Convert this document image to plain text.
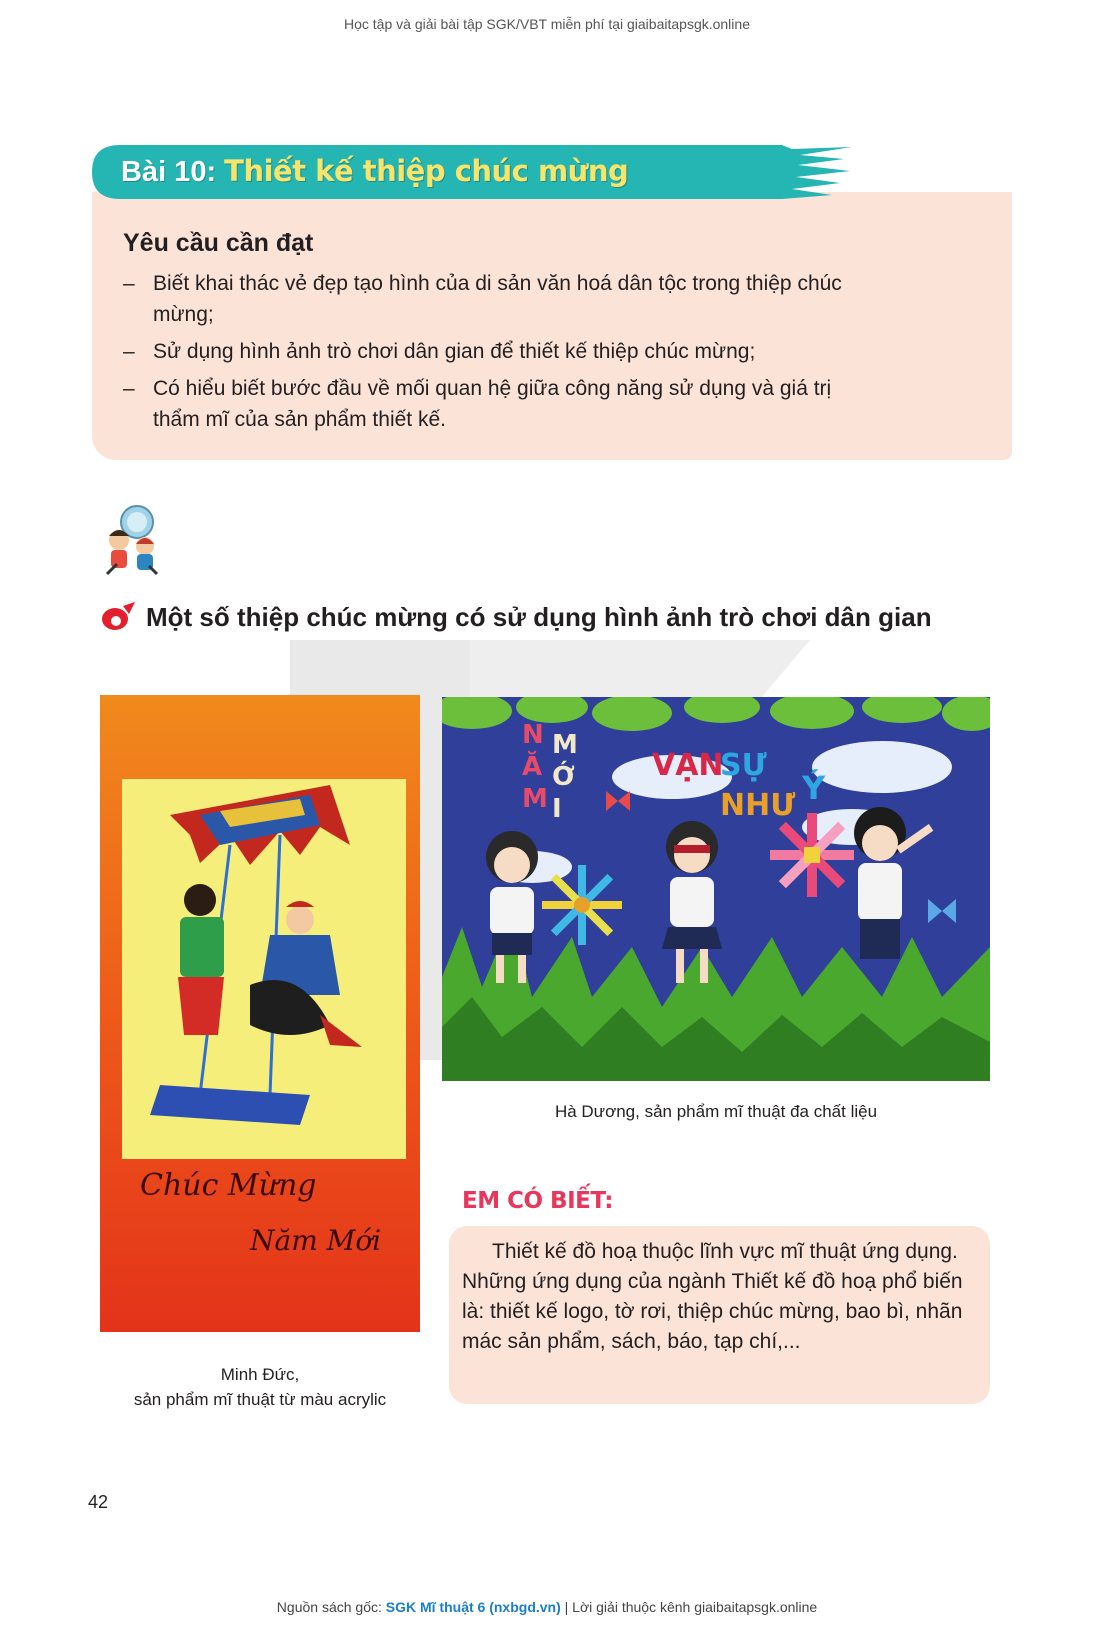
Học tập và giải bài tập SGK/VBT miễn phí tại giaibaitapsgk.online
Bài 10: Thiết kế thiệp chúc mừng
Yêu cầu cần đạt
– Biết khai thác vẻ đẹp tạo hình của di sản văn hoá dân tộc trong thiệp chúc mừng;
– Sử dụng hình ảnh trò chơi dân gian để thiết kế thiệp chúc mừng;
– Có hiểu biết bước đầu về mối quan hệ giữa công năng sử dụng và giá trị thẩm mĩ của sản phẩm thiết kế.
Một số thiệp chúc mừng có sử dụng hình ảnh trò chơi dân gian
Chúc Mừng
Năm Mới
Minh Đức,
sản phẩm mĩ thuật từ màu acrylic
N
Ă
M
M
Ớ
I
VẠN
SỰ
NHƯ Ý
Hà Dương, sản phẩm mĩ thuật đa chất liệu
EM CÓ BIẾT:
Thiết kế đồ hoạ thuộc lĩnh vực mĩ thuật ứng dụng. Những ứng dụng của ngành Thiết kế đồ hoạ phổ biến là: thiết kế logo, tờ rơi, thiệp chúc mừng, bao bì, nhãn mác sản phẩm, sách, báo, tạp chí,...
42
Nguồn sách gốc: SGK Mĩ thuật 6 (nxbgd.vn) | Lời giải thuộc kênh giaibaitapsgk.online
